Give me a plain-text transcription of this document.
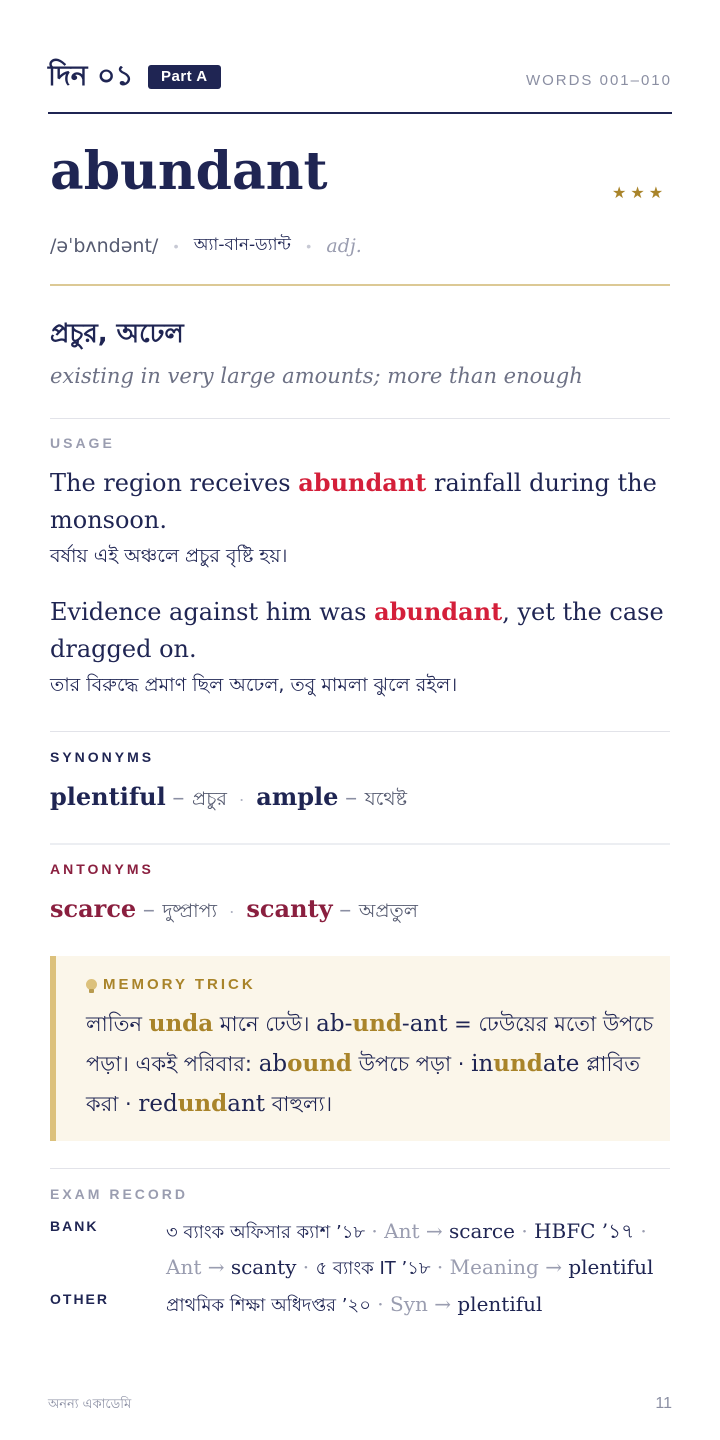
দিন ০১	Part A	WORDS 001–010
abundant	★★★
/əˈbʌndənt/ • অ্যা-বান-ড্যান্ট • adj.
প্রচুর, অঢেল
existing in very large amounts; more than enough
USAGE
The region receives abundant rainfall during the monsoon.
বর্ষায় এই অঞ্চলে প্রচুর বৃষ্টি হয়।
Evidence against him was abundant, yet the case dragged on.
তার বিরুদ্ধে প্রমাণ ছিল অঢেল, তবু মামলা ঝুলে রইল।
SYNONYMS
plentiful – প্রচুর · ample – যথেষ্ট
ANTONYMS
scarce – দুষ্প্রাপ্য · scanty – অপ্রতুল
MEMORY TRICK
লাতিন unda মানে ঢেউ। ab-und-ant = ঢেউয়ের মতো উপচে পড়া। একই পরিবার: abound উপচে পড়া · inundate প্লাবিত করা · redundant বাহুল্য।
EXAM RECORD
BANK	৩ ব্যাংক অফিসার ক্যাশ ’১৮ · Ant → scarce · HBFC ’১৭ · Ant → scanty · ৫ ব্যাংক IT ’১৮ · Meaning → plentiful
OTHER	প্রাথমিক শিক্ষা অধিদপ্তর ’২০ · Syn → plentiful
অনন্য একাডেমি	11
